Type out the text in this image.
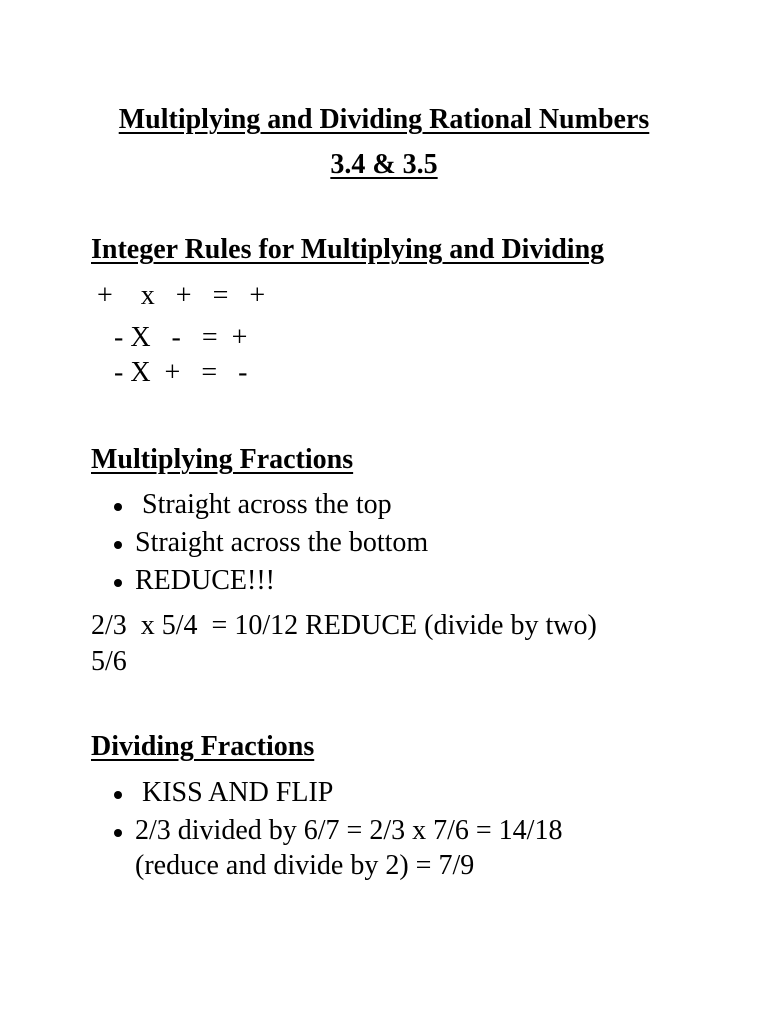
Multiplying and Dividing Rational Numbers
3.4 & 3.5
Integer Rules for Multiplying and Dividing
+    x   +   =   +
- X   -   =  +
- X  +   =   -
Multiplying Fractions
Straight across the top
Straight across the bottom
REDUCE!!!
2/3  x 5/4  = 10/12 REDUCE (divide by two)
5/6
Dividing Fractions
KISS AND FLIP
2/3 divided by 6/7 = 2/3 x 7/6 = 14/18
(reduce and divide by 2) = 7/9
